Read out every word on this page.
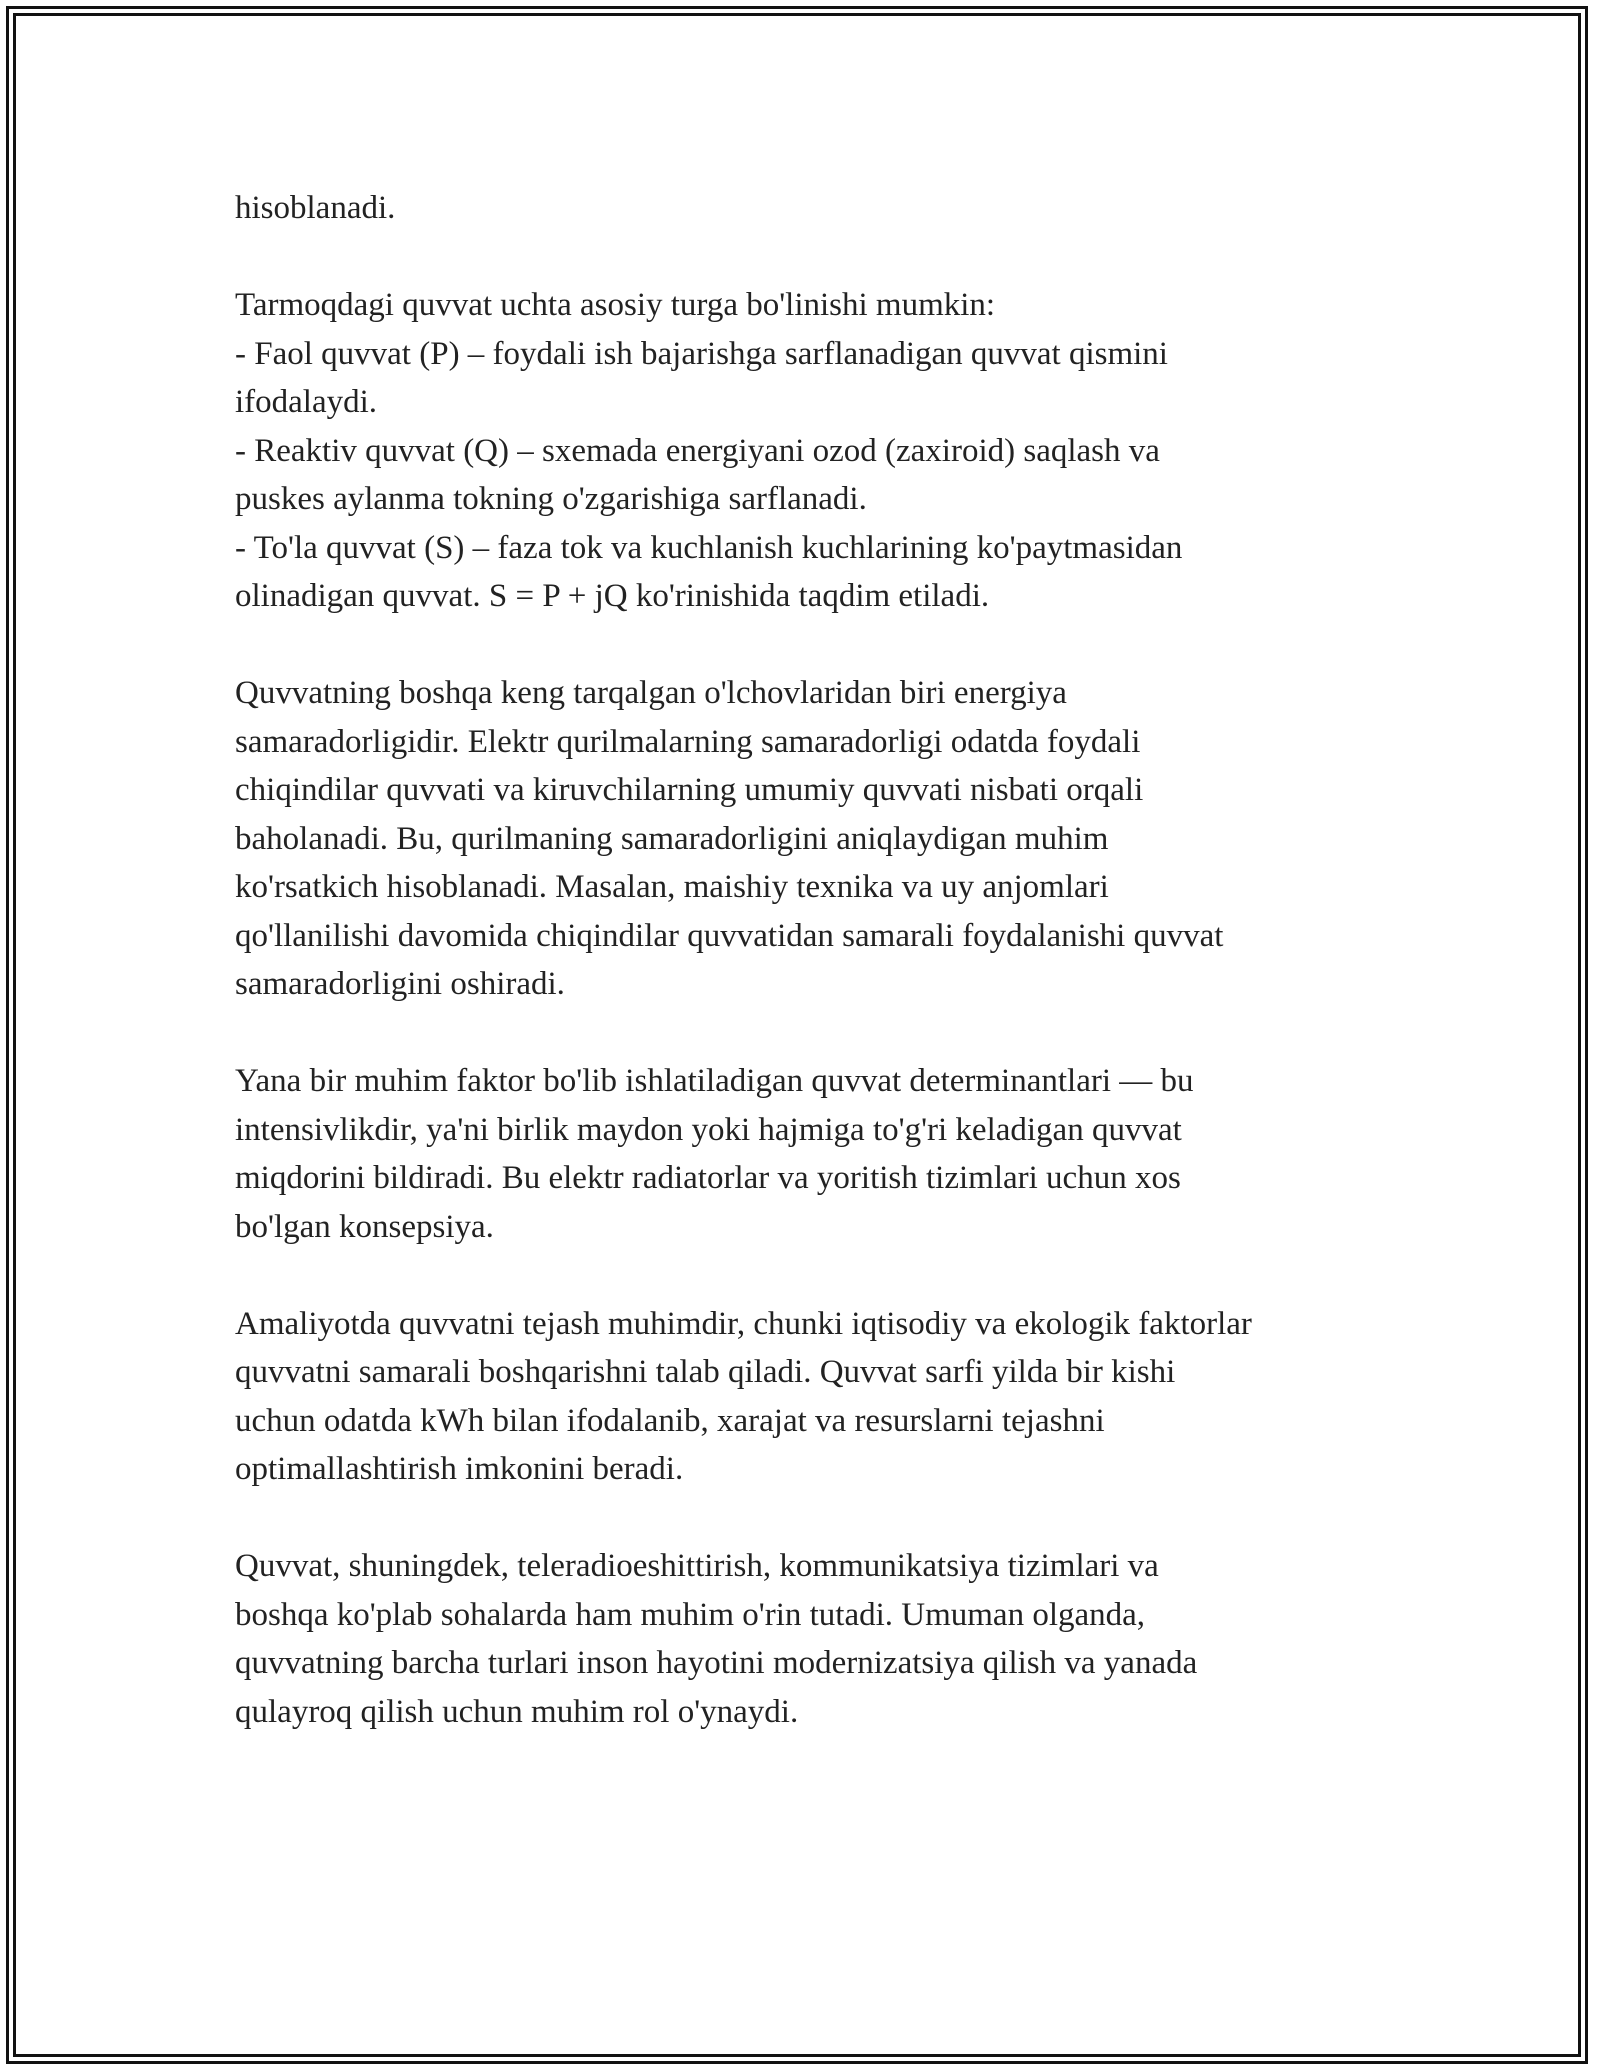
hisoblanadi.

Tarmoqdagi quvvat uchta asosiy turga bo'linishi mumkin:
- Faol quvvat (P) – foydali ish bajarishga sarflanadigan quvvat qismini
ifodalaydi.
- Reaktiv quvvat (Q) – sxemada energiyani ozod (zaxiroid) saqlash va
puskes aylanma tokning o'zgarishiga sarflanadi.
- To'la quvvat (S) – faza tok va kuchlanish kuchlarining ko'paytmasidan
olinadigan quvvat. S = P + jQ ko'rinishida taqdim etiladi.

Quvvatning boshqa keng tarqalgan o'lchovlaridan biri energiya
samaradorligidir. Elektr qurilmalarning samaradorligi odatda foydali
chiqindilar quvvati va kiruvchilarning umumiy quvvati nisbati orqali
baholanadi. Bu, qurilmaning samaradorligini aniqlaydigan muhim
ko'rsatkich hisoblanadi. Masalan, maishiy texnika va uy anjomlari
qo'llanilishi davomida chiqindilar quvvatidan samarali foydalanishi quvvat
samaradorligini oshiradi.

Yana bir muhim faktor bo'lib ishlatiladigan quvvat determinantlari — bu
intensivlikdir, ya'ni birlik maydon yoki hajmiga to'g'ri keladigan quvvat
miqdorini bildiradi. Bu elektr radiatorlar va yoritish tizimlari uchun xos
bo'lgan konsepsiya.

Amaliyotda quvvatni tejash muhimdir, chunki iqtisodiy va ekologik faktorlar
quvvatni samarali boshqarishni talab qiladi. Quvvat sarfi yilda bir kishi
uchun odatda kWh bilan ifodalanib, xarajat va resurslarni tejashni
optimallashtirish imkonini beradi.

Quvvat, shuningdek, teleradioeshittirish, kommunikatsiya tizimlari va
boshqa ko'plab sohalarda ham muhim o'rin tutadi. Umuman olganda,
quvvatning barcha turlari inson hayotini modernizatsiya qilish va yanada
qulayroq qilish uchun muhim rol o'ynaydi.
